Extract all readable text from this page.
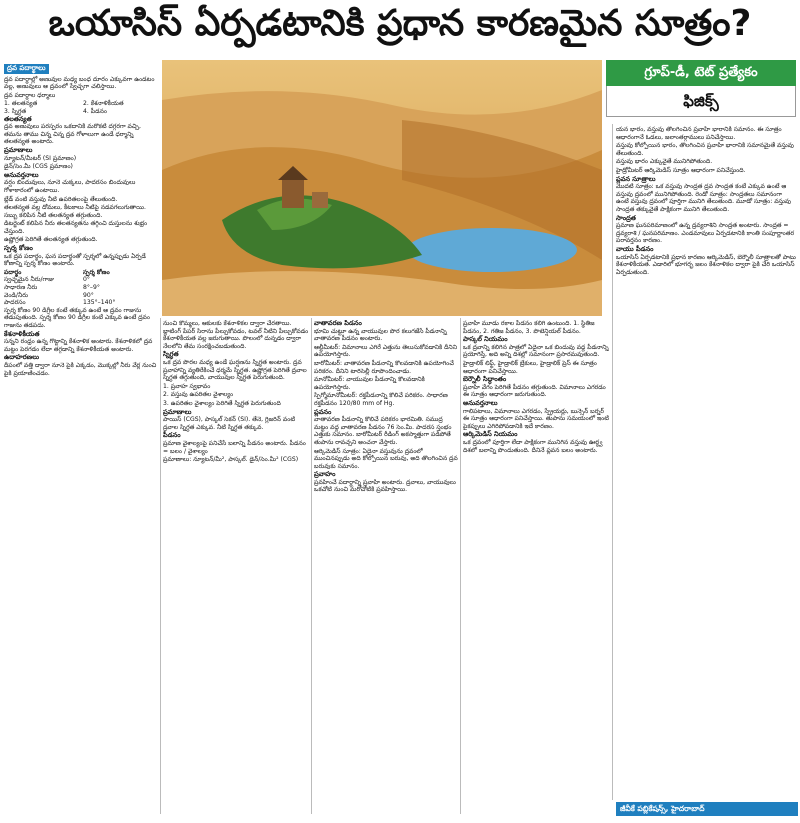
ఒయాసిస్ ఏర్పడటానికి ప్రధాన కారణమైన సూత్రం?
గ్రూప్-డీ, టెట్ ప్రత్యేకం
ఫిజిక్స్
ద్రవ పదార్థాలు

ద్రవ పదార్థాల్లో అణువుల మధ్య బంధ దూరం ఎక్కువగా ఉండటం వల్ల, అణువులు ఆ ద్రవంలో స్వేచ్ఛగా చలిస్తాయి.

ద్రవ పదార్థాల ధర్మాలు

1. తలతన్యత	2. కేశనాళికీయత
3. స్నిగ్ధత	4. పీడనం
తలతన్యత

ద్రవ అణువులు పరస్పరం ఒకదానికి మరొకటి దగ్గరగా వచ్చి, తమను తాము చిన్న చిన్న ద్రవ గోళాలుగా ఉండే ధర్మాన్ని తలతన్యత అంటారు.

ప్రమాణాలు

న్యూటన్/మీటర్ (SI ప్రమాణం)

డైన్/సెం.మీ (CGS ప్రమాణం)

అనువర్తనాలు

వర్షం బిందువులు, నూనె చుక్కలు, పాదరసం బిందువులు గోళాకారంలో ఉంటాయి.

బ్లేడ్ వంటి వస్తువు నీటి ఉపరితలంపై తేలుతుంది.

తలతన్యత వల్ల దోమలు, కీటకాలు నీటిపై నడవగలుగుతాయి. సబ్బు కలిపిన నీటి తలతన్యత తగ్గుతుంది.

డిటర్జెంట్ కలిపిన నీరు తలతన్యతను తగ్గించి దుస్తులను శుభ్రం చేస్తుంది.

ఉష్ణోగ్రత పెరిగితే తలతన్యత తగ్గుతుంది.

స్పర్శ కోణం

ఒక ద్రవ పదార్థం, ఘన పదార్థంతో స్పర్శలో ఉన్నప్పుడు ఏర్పడే కోణాన్ని స్పర్శ కోణం అంటారు.

పదార్థం	స్పర్శ కోణం
స్వచ్ఛమైన నీరు/గాజు	0°
సాధారణ నీరు	8°–9°
వెండి/నీరు	90°
పాదరసం	135°–140°

స్పర్శ కోణం 90 డిగ్రీల కంటే తక్కువ ఉంటే ఆ ద్రవం గాజును తడుపుతుంది. స్పర్శ కోణం 90 డిగ్రీల కంటే ఎక్కువ ఉంటే ద్రవం గాజును తడపదు.

కేశనాళికీయత

సన్నని రంధ్రం ఉన్న గొట్టాన్ని కేశనాళిక అంటారు. కేశనాళికలో ద్రవ మట్టం పెరగడం లేదా తగ్గడాన్ని కేశనాళికీయత అంటారు.

ఉదాహరణలు

దీపంలో వత్తి ద్వారా నూనె పైకి ఎక్కడం, మొక్కల్లో నీరు వేర్ల నుంచి పైకి ప్రయాణించడం.

నుంచి కొమ్మలు, ఆకులకు కేశనాళికల ద్వారా చేరతాయి. బ్లాటింగ్ పేపర్ సిరాను పీల్చుకోవడం, టవల్ నీటిని పీల్చుకోవడం కేశనాళికీయత వల్ల జరుగుతాయి. పొలంలో దున్నడం ద్వారా నేలలోని తేమ సంరక్షించబడుతుంది.

స్నిగ్ధత

ఒక ద్రవ పొరల మధ్య ఉండే ఘర్షణను స్నిగ్ధత అంటారు. ద్రవ ప్రవాహాన్ని వ్యతిరేకించే ధర్మమే స్నిగ్ధత. ఉష్ణోగ్రత పెరిగితే ద్రవాల స్నిగ్ధత తగ్గుతుంది, వాయువుల స్నిగ్ధత పెరుగుతుంది.

1. ప్రవాహ స్వభావం

2. వస్తువు ఉపరితల వైశాల్యం

3. ఉపరితల వైశాల్యం పెరిగితే స్నిగ్ధత పెరుగుతుంది

ప్రమాణాలు

పాయిస్ (CGS), పాస్కల్ సెకన్ (SI). తేనె, గ్లిజరిన్ వంటి ద్రవాల స్నిగ్ధత ఎక్కువ. నీటి స్నిగ్ధత తక్కువ.

పీడనం

ప్రమాణ వైశాల్యంపై పనిచేసే బలాన్ని పీడనం అంటారు. పీడనం = బలం / వైశాల్యం

ప్రమాణాలు: న్యూటన్/మీ², పాస్కల్. డైన్/సెం.మీ² (CGS)

వాతావరణ పీడనం

భూమి చుట్టూ ఉన్న వాయువుల పొర కలుగజేసే పీడనాన్ని వాతావరణ పీడనం అంటారు.

ఆల్టీమీటర్: విమానాలు ఎగిరే ఎత్తును తెలుసుకోవడానికి దీనిని ఉపయోగిస్తారు.

బారోమీటర్: వాతావరణ పీడనాన్ని కొలవడానికి ఉపయోగించే పరికరం. దీనిని టారిసెల్లీ రూపొందించాడు.

మానోమీటర్: వాయువుల పీడనాన్ని కొలవడానికి ఉపయోగిస్తారు.

స్పిగ్మోమానోమీటర్: రక్తపీడనాన్ని కొలిచే పరికరం. సాధారణ రక్తపీడనం 120/80 mm of Hg.

ప్లవనం

వాతావరణ పీడనాన్ని కొలిచే పరికరం భారమితి. సముద్ర మట్టం వద్ద వాతావరణ పీడనం 76 సెం.మీ. పాదరస స్తంభం ఎత్తుకు సమానం. బారోమీటర్ రీడింగ్ అకస్మాత్తుగా పడిపోతే తుపాను రావచ్చని అంచనా వేస్తారు.

ఆర్కిమెడిస్ సూత్రం: ఏదైనా వస్తువును ద్రవంలో ముంచినప్పుడు అది కోల్పోయిన బరువు, అది తొలగించిన ద్రవ బరువుకు సమానం.

ప్రవాహం

ప్రవహించే పదార్థాన్ని ప్రవాహి అంటారు. ద్రవాలు, వాయువులు ఒకచోటి నుంచి మరోచోటికి ప్రవహిస్తాయి.

ప్రవాహి మూడు రకాల పీడనం కలిగి ఉంటుంది. 1. స్థితిజ పీడనం, 2. గతిజ పీడనం, 3. పొటెన్షియల్ పీడనం.

పాస్కల్ నియమం

ఒక ద్రవాన్ని కలిగిన పాత్రలో ఏదైనా ఒక బిందువు వద్ద పీడనాన్ని ప్రయోగిస్తే, అది అన్ని దిశల్లో సమానంగా ప్రసారమవుతుంది.

హైడ్రాలిక్ లిఫ్ట్, హైడ్రాలిక్ బ్రేకులు, హైడ్రాలిక్ ప్రెస్ ఈ సూత్రం ఆధారంగా పనిచేస్తాయి.

బెర్నౌలీ సిద్ధాంతం

ప్రవాహి వేగం పెరిగితే పీడనం తగ్గుతుంది. విమానాలు ఎగరడం ఈ సూత్రం ఆధారంగా జరుగుతుంది.

అనువర్తనాలు

గాలిపటాలు, విమానాలు ఎగరడం, స్ప్రేయర్లు, బున్సెన్ బర్నర్ ఈ సూత్రం ఆధారంగా పనిచేస్తాయి. తుపాను సమయంలో ఇంటి పైకప్పులు ఎగిరిపోవడానికి ఇదే కారణం.

ఆర్కిమెడిస్ నియమం

ఒక ద్రవంలో పూర్తిగా లేదా పాక్షికంగా మునిగిన వస్తువు ఊర్ధ్వ దిశలో బలాన్ని పొందుతుంది. దీనినే ప్లవన బలం అంటారు.

యన భారం, వస్తువు తొలగించిన ప్రవాహి భారానికి సమానం. ఈ సూత్రం ఆధారంగానే ఓడలు, జలాంతర్గాములు పనిచేస్తాయి.

వస్తువు కోల్పోయిన భారం, తొలగించిన ప్రవాహి భారానికి సమానమైతే వస్తువు తేలుతుంది.

వస్తువు భారం ఎక్కువైతే మునిగిపోతుంది.

హైడ్రోమీటర్ ఆర్కిమెడిస్ సూత్రం ఆధారంగా పనిచేస్తుంది.

ప్లవన సూత్రాలు

మొదటి సూత్రం: ఒక వస్తువు సాంద్రత ద్రవ సాంద్రత కంటే ఎక్కువ ఉంటే ఆ వస్తువు ద్రవంలో మునిగిపోతుంది. రెండో సూత్రం: సాంద్రతలు సమానంగా ఉంటే వస్తువు ద్రవంలో పూర్తిగా మునిగి తేలుతుంది. మూడో సూత్రం: వస్తువు సాంద్రత తక్కువైతే పాక్షికంగా మునిగి తేలుతుంది.

సాంద్రత

ప్రమాణ ఘనపరిమాణంలో ఉన్న ద్రవ్యరాశిని సాంద్రత అంటారు. సాంద్రత = ద్రవ్యరాశి / ఘనపరిమాణం. ఎండమావులు ఏర్పడటానికి కాంతి సంపూర్ణాంతర పరావర్తనం కారణం.

వాయు పీడనం

ఒయాసిస్ ఏర్పడటానికి ప్రధాన కారణం ఆర్కిమెడిస్, బెర్నౌలీ సూత్రాలతో పాటు కేశనాళికీయత. ఎడారిలో భూగర్భ జలం కేశనాళికల ద్వారా పైకి చేరి ఒయాసిస్ ఏర్పడుతుంది.

జీవీకే పబ్లికేషన్స్, హైదరాబాద్
